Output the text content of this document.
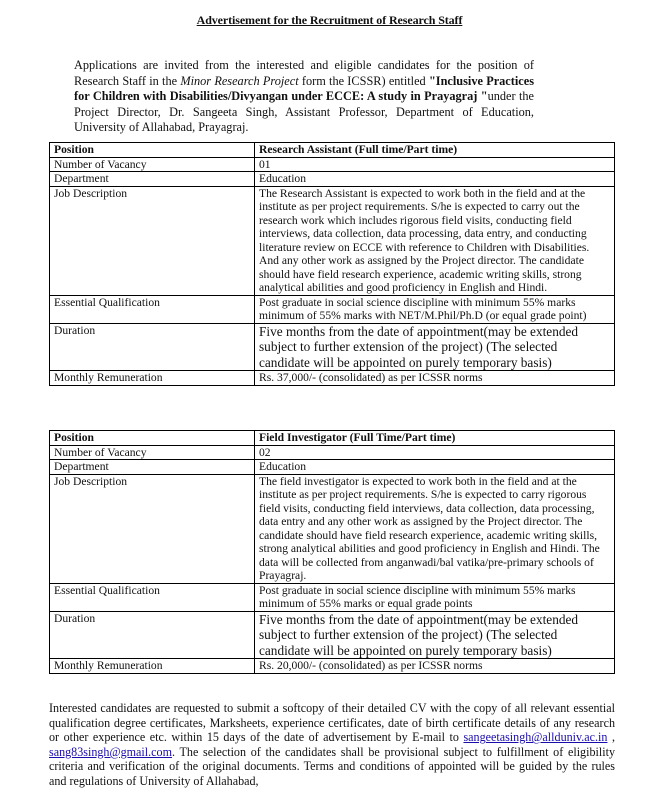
Advertisement for the Recruitment of Research Staff
Applications are invited from the interested and eligible candidates for the position of Research Staff in the Minor Research Project form the ICSSR) entitled "Inclusive Practices for Children with Disabilities/Divyangan under ECCE: A study in Prayagraj "under the Project Director, Dr. Sangeeta Singh, Assistant Professor, Department of Education, University of Allahabad, Prayagraj.
Position	Research Assistant (Full time/Part time)
Number of Vacancy	01
Department	Education
Job Description	The Research Assistant is expected to work both in the field and at the institute as per project requirements. S/he is expected to carry out the research work which includes rigorous field visits, conducting field interviews, data collection, data processing, data entry, and conducting literature review on ECCE with reference to Children with Disabilities. And any other work as assigned by the Project director. The candidate should have field research experience, academic writing skills, strong analytical abilities and good proficiency in English and Hindi.
Essential Qualification	Post graduate in social science discipline with minimum 55% marks minimum of 55% marks with NET/M.Phil/Ph.D (or equal grade point)
Duration	Five months from the date of appointment(may be extended subject to further extension of the project) (The selected candidate will be appointed on purely temporary basis)
Monthly Remuneration	Rs. 37,000/- (consolidated) as per ICSSR norms
Position	Field Investigator (Full Time/Part time)
Number of Vacancy	02
Department	Education
Job Description	The field investigator is expected to work both in the field and at the institute as per project requirements. S/he is expected to carry rigorous field visits, conducting field interviews, data collection, data processing, data entry and any other work as assigned by the Project director. The candidate should have field research experience, academic writing skills, strong analytical abilities and good proficiency in English and Hindi. The data will be collected from anganwadi/bal vatika/pre-primary schools of Prayagraj.
Essential Qualification	Post graduate in social science discipline with minimum 55% marks minimum of 55% marks or equal grade points
Duration	Five months from the date of appointment(may be extended subject to further extension of the project) (The selected candidate will be appointed on purely temporary basis)
Monthly Remuneration	Rs. 20,000/- (consolidated) as per ICSSR norms
Interested candidates are requested to submit a softcopy of their detailed CV with the copy of all relevant essential qualification degree certificates, Marksheets, experience certificates, date of birth certificate details of any research or other experience etc. within 15 days of the date of advertisement by E-mail to sangeetasingh@allduniv.ac.in , sang83singh@gmail.com. The selection of the candidates shall be provisional subject to fulfillment of eligibility criteria and verification of the original documents. Terms and conditions of appointed will be guided by the rules and regulations of University of Allahabad,
